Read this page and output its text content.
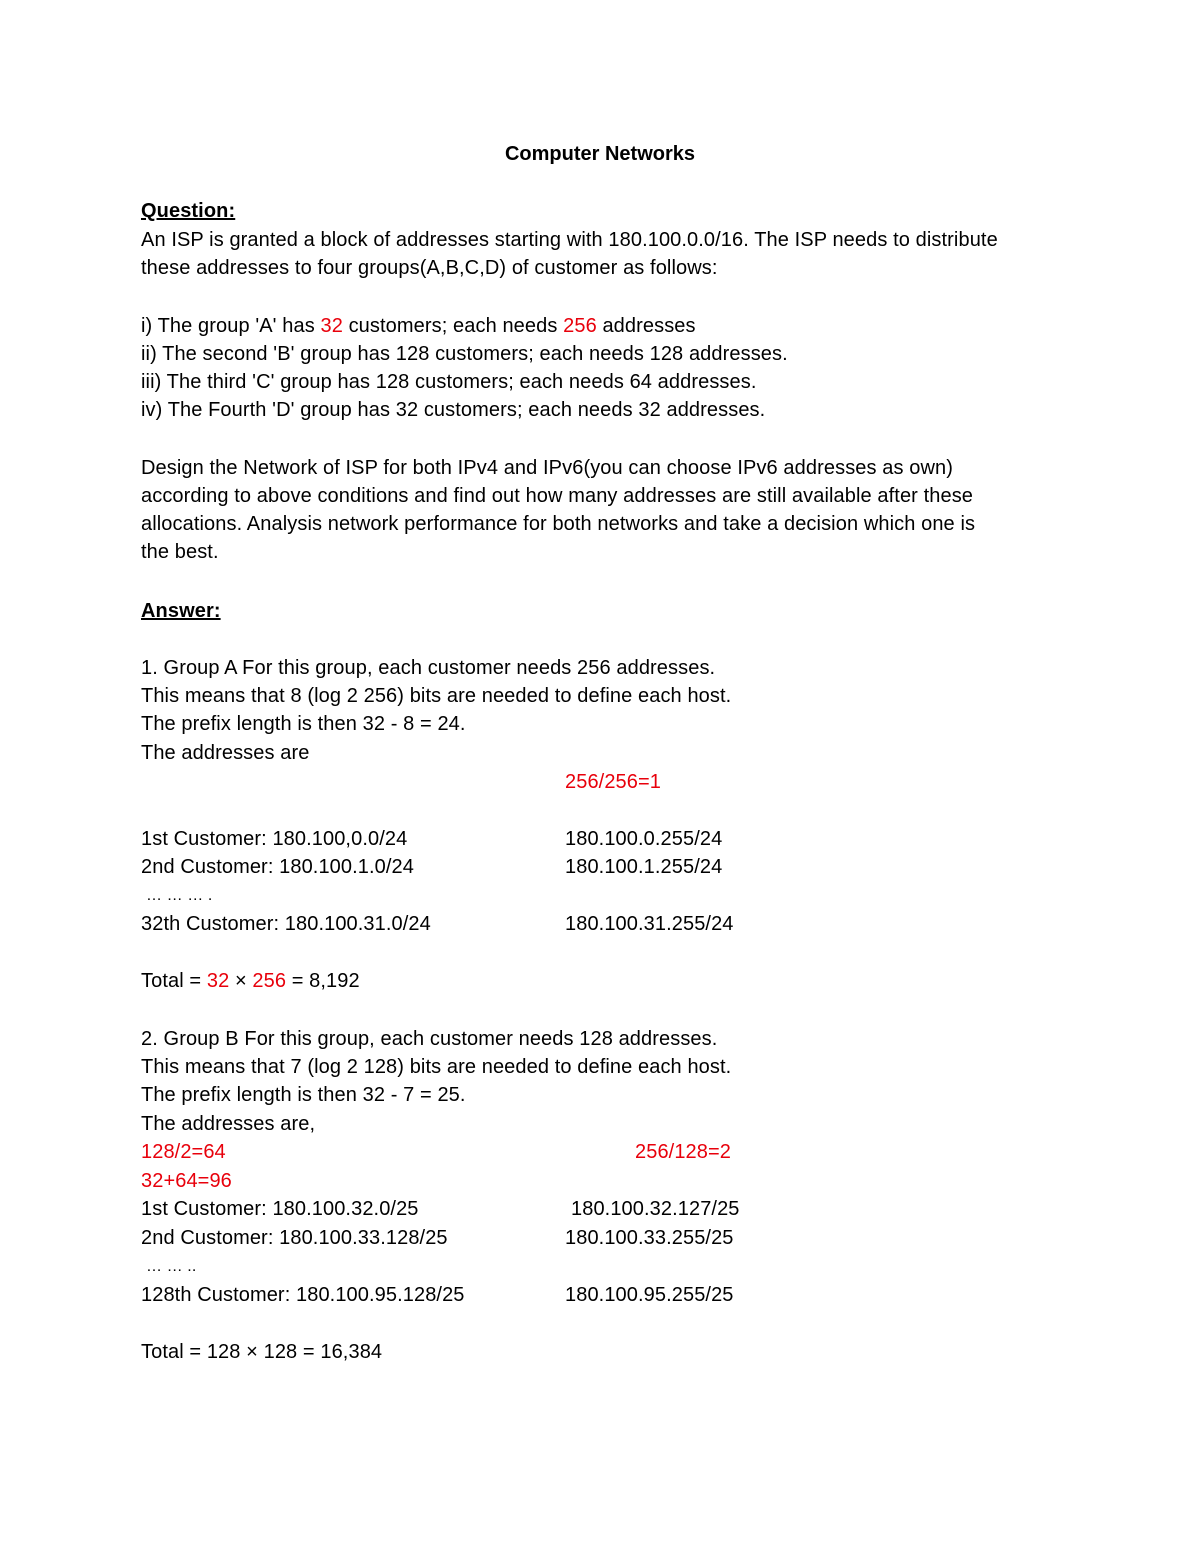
Computer Networks
Question:
An ISP is granted a block of addresses starting with 180.100.0.0/16. The ISP needs to distribute
these addresses to four groups(A,B,C,D) of customer as follows:
i) The group 'A' has 32 customers; each needs 256 addresses
ii) The second 'B' group has 128 customers; each needs 128 addresses.
iii) The third 'C' group has 128 customers; each needs 64 addresses.
iv) The Fourth 'D' group has 32 customers; each needs 32 addresses.
Design the Network of ISP for both IPv4 and IPv6(you can choose IPv6 addresses as own)
according to above conditions and find out how many addresses are still available after these
allocations. Analysis network performance for both networks and take a decision which one is
the best.
Answer:
1. Group A For this group, each customer needs 256 addresses.
This means that 8 (log 2 256) bits are needed to define each host.
The prefix length is then 32 - 8 = 24.
The addresses are
256/256=1
1st Customer: 180.100,0.0/24	180.100.0.255/24
2nd Customer: 180.100.1.0/24	180.100.1.255/24
… … … .
32th Customer: 180.100.31.0/24	180.100.31.255/24
Total = 32 × 256 = 8,192
2. Group B For this group, each customer needs 128 addresses.
This means that 7 (log 2 128) bits are needed to define each host.
The prefix length is then 32 - 7 = 25.
The addresses are,
128/2=64	256/128=2
32+64=96
1st Customer: 180.100.32.0/25	180.100.32.127/25
2nd Customer: 180.100.33.128/25	180.100.33.255/25
… … ..
128th Customer: 180.100.95.128/25	180.100.95.255/25
Total = 128 × 128 = 16,384
